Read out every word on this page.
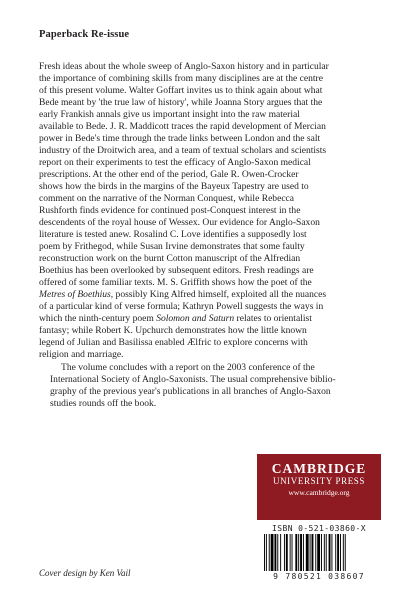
Paperback Re-issue

Fresh ideas about the whole sweep of Anglo-Saxon history and in particular
the importance of combining skills from many disciplines are at the centre
of this present volume. Walter Goffart invites us to think again about what
Bede meant by 'the true law of history', while Joanna Story argues that the
early Frankish annals give us important insight into the raw material
available to Bede. J. R. Maddicott traces the rapid development of Mercian
power in Bede's time through the trade links between London and the salt
industry of the Droitwich area, and a team of textual scholars and scientists
report on their experiments to test the efficacy of Anglo-Saxon medical
prescriptions. At the other end of the period, Gale R. Owen-Crocker
shows how the birds in the margins of the Bayeux Tapestry are used to
comment on the narrative of the Norman Conquest, while Rebecca
Rushforth finds evidence for continued post-Conquest interest in the
descendents of the royal house of Wessex. Our evidence for Anglo-Saxon
literature is tested anew. Rosalind C. Love identifies a supposedly lost
poem by Frithegod, while Susan Irvine demonstrates that some faulty
reconstruction work on the burnt Cotton manuscript of the Alfredian
Boethius has been overlooked by subsequent editors. Fresh readings are
offered of some familiar texts. M. S. Griffith shows how the poet of the
Metres of Boethius, possibly King Alfred himself, exploited all the nuances
of a particular kind of verse formula; Kathryn Powell suggests the ways in
which the ninth-century poem Solomon and Saturn relates to orientalist
fantasy; while Robert K. Upchurch demonstrates how the little known
legend of Julian and Basilissa enabled Ælfric to explore concerns with
religion and marriage.

The volume concludes with a report on the 2003 conference of the
International Society of Anglo-Saxonists. The usual comprehensive biblio-
graphy of the previous year's publications in all branches of Anglo-Saxon
studies rounds off the book.

CAMBRIDGE
UNIVERSITY PRESS
www.cambridge.org
ISBN 0-521-03860-X
9 780521 038607
Cover design by Ken Vail
